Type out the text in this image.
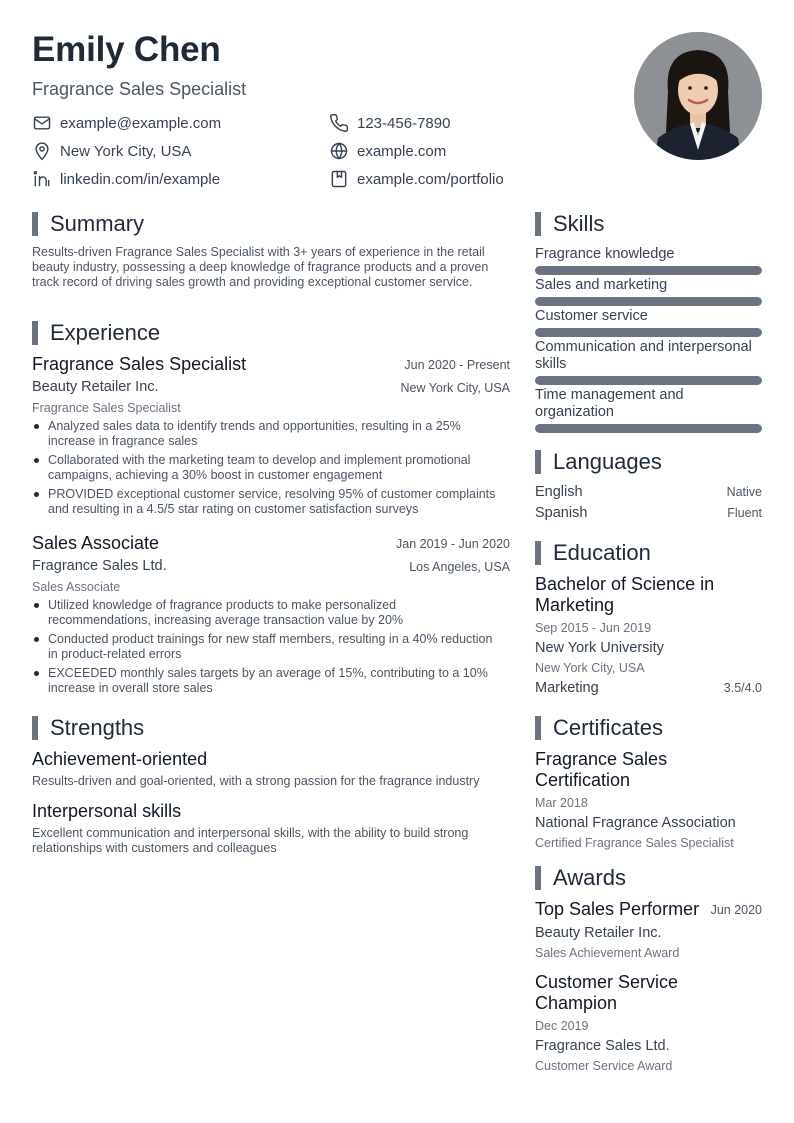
Emily Chen
Fragrance Sales Specialist
example@example.com	123-456-7890
New York City, USA	example.com
linkedin.com/in/example	example.com/portfolio
Summary
Results-driven Fragrance Sales Specialist with 3+ years of experience in the retail beauty industry, possessing a deep knowledge of fragrance products and a proven track record of driving sales growth and providing exceptional customer service.
Experience
Fragrance Sales Specialist	Jun 2020 - Present
Beauty Retailer Inc.	New York City, USA
Fragrance Sales Specialist
Analyzed sales data to identify trends and opportunities, resulting in a 25% increase in fragrance sales
Collaborated with the marketing team to develop and implement promotional campaigns, achieving a 30% boost in customer engagement
PROVIDED exceptional customer service, resolving 95% of customer complaints and resulting in a 4.5/5 star rating on customer satisfaction surveys
Sales Associate	Jan 2019 - Jun 2020
Fragrance Sales Ltd.	Los Angeles, USA
Sales Associate
Utilized knowledge of fragrance products to make personalized recommendations, increasing average transaction value by 20%
Conducted product trainings for new staff members, resulting in a 40% reduction in product-related errors
EXCEEDED monthly sales targets by an average of 15%, contributing to a 10% increase in overall store sales
Strengths
Achievement-oriented
Results-driven and goal-oriented, with a strong passion for the fragrance industry
Interpersonal skills
Excellent communication and interpersonal skills, with the ability to build strong relationships with customers and colleagues
Skills
Fragrance knowledge
Sales and marketing
Customer service
Communication and interpersonal skills
Time management and organization
Languages
English	Native
Spanish	Fluent
Education
Bachelor of Science in Marketing
Sep 2015 - Jun 2019
New York University
New York City, USA
Marketing	3.5/4.0
Certificates
Fragrance Sales Certification
Mar 2018
National Fragrance Association
Certified Fragrance Sales Specialist
Awards
Top Sales Performer Jun 2020
Beauty Retailer Inc.
Sales Achievement Award
Customer Service Champion
Dec 2019
Fragrance Sales Ltd.
Customer Service Award
